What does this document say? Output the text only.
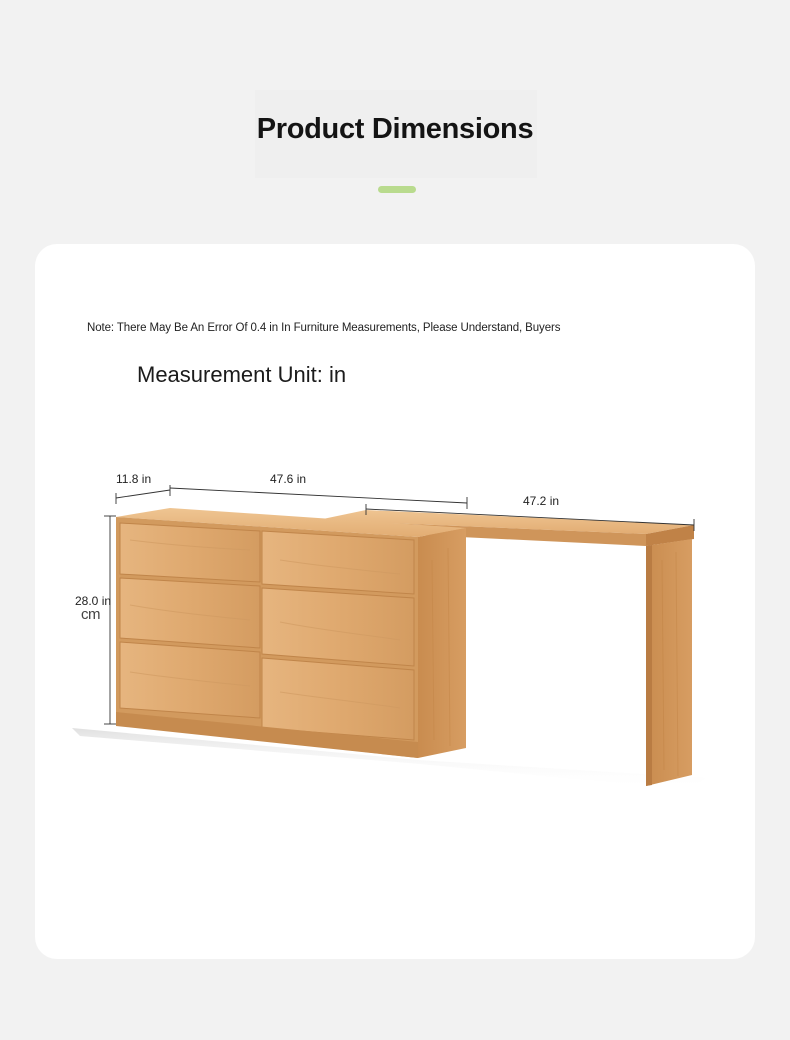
Product Dimensions
Note: There May Be An Error Of 0.4 in In Furniture Measurements, Please Understand, Buyers
Measurement Unit: in
11.8 in	47.6 in
47.2 in
28.0 in
cm
